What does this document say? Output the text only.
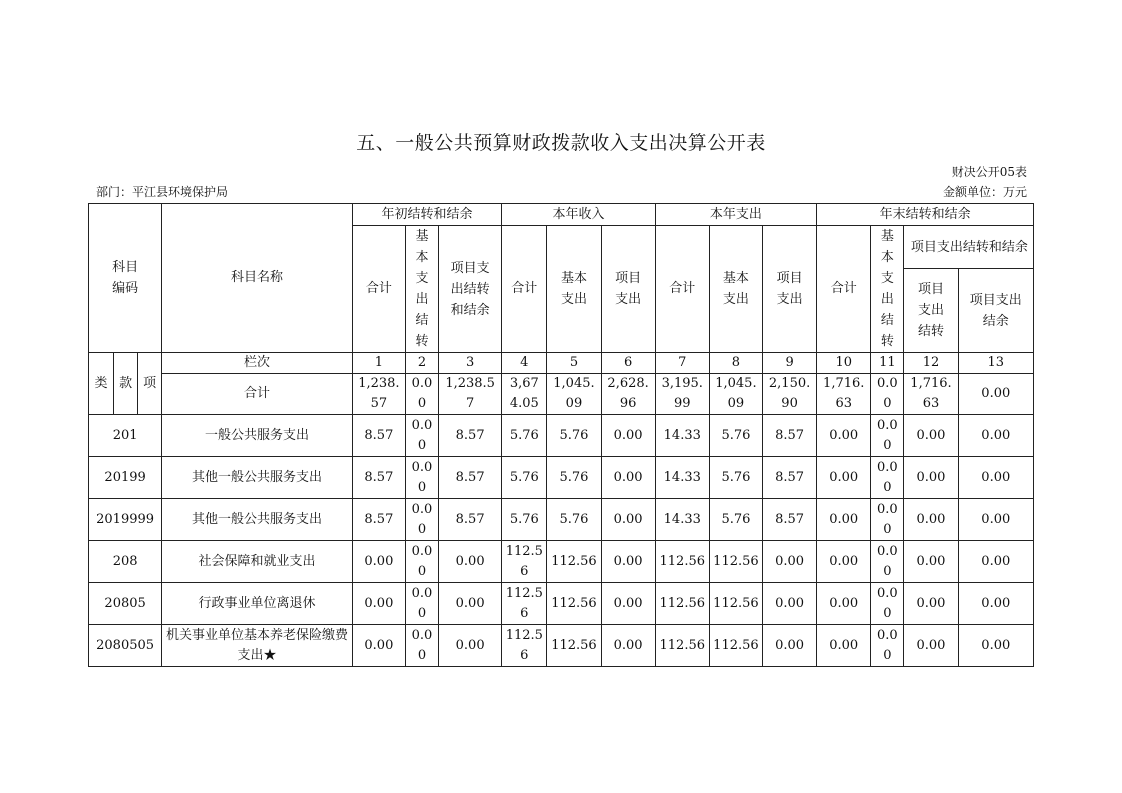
五、一般公共预算财政拨款收入支出决算公开表
财决公开05表
部门：平江县环境保护局	金额单位：万元
科目编码			科目名称	年初结转和结余			本年收入			本年支出			年末结转和结余			
				合计	基本支出结转	项目支出结转和结余	合计	基本支出	项目支出	合计	基本支出	项目支出	合计	基本支出结转	项目支出结转和结余	
															项目支出结转	项目支出结余
类	款	项	栏次	1	2	3	4	5	6	7	8	9	10	11	12	13
			合计	1,238.57	0.00	1,238.57	3,674.05	1,045.09	2,628.96	3,195.99	1,045.09	2,150.90	1,716.63	0.00	1,716.63	0.00
201			一般公共服务支出	8.57	0.00	8.57	5.76	5.76	0.00	14.33	5.76	8.57	0.00	0.00	0.00	0.00
20199			其他一般公共服务支出	8.57	0.00	8.57	5.76	5.76	0.00	14.33	5.76	8.57	0.00	0.00	0.00	0.00
2019999			其他一般公共服务支出	8.57	0.00	8.57	5.76	5.76	0.00	14.33	5.76	8.57	0.00	0.00	0.00	0.00
208			社会保障和就业支出	0.00	0.00	0.00	112.56	112.56	0.00	112.56	112.56	0.00	0.00	0.00	0.00	0.00
20805			行政事业单位离退休	0.00	0.00	0.00	112.56	112.56	0.00	112.56	112.56	0.00	0.00	0.00	0.00	0.00
2080505			机关事业单位基本养老保险缴费支出★	0.00	0.00	0.00	112.56	112.56	0.00	112.56	112.56	0.00	0.00	0.00	0.00	0.00
